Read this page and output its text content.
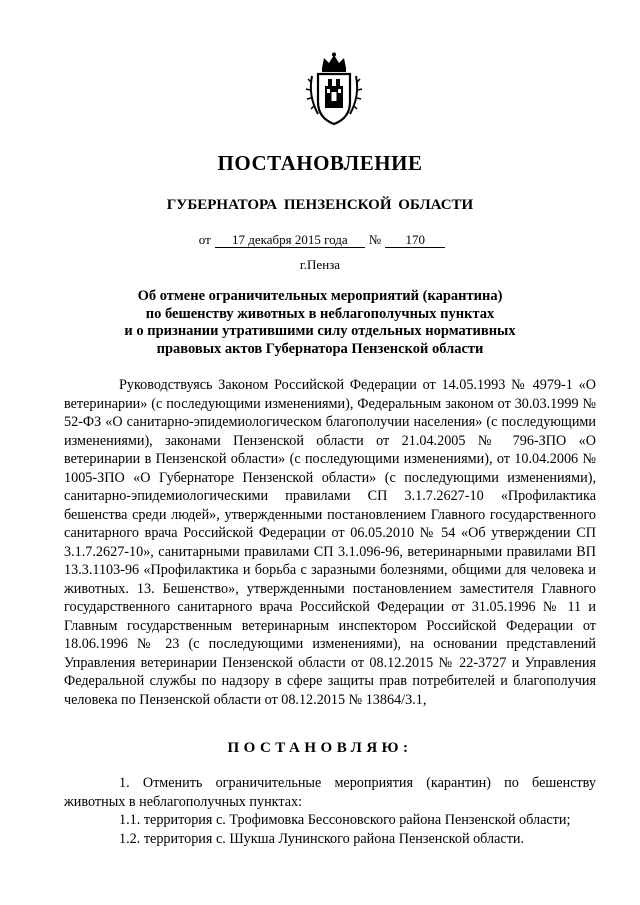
ПОСТАНОВЛЕНИЕ
ГУБЕРНАТОРА ПЕНЗЕНСКОЙ ОБЛАСТИ
от 17 декабря 2015 года № 170
г.Пенза
Об отмене ограничительных мероприятий (карантина)
по бешенству животных в неблагополучных пунктах
и о признании утратившими силу отдельных нормативных
правовых актов Губернатора Пензенской области

Руководствуясь Законом Российской Федерации от 14.05.1993 № 4979-1 «О ветеринарии» (с последующими изменениями), Федеральным законом от 30.03.1999 № 52-ФЗ «О санитарно-эпидемиологическом благополучии населения» (с последующими изменениями), законами Пензенской области от 21.04.2005 № 796-ЗПО «О ветеринарии в Пензенской области» (с последующими изменениями), от 10.04.2006 № 1005-ЗПО «О Губернаторе Пензенской области» (с последующими изменениями), санитарно-эпидемиологическими правилами СП 3.1.7.2627-10 «Профилактика бешенства среди людей», утвержденными постановлением Главного государственного санитарного врача Российской Федерации от 06.05.2010 № 54 «Об утверждении СП 3.1.7.2627-10», санитарными правилами СП 3.1.096-96, ветеринарными правилами ВП 13.3.1103-96 «Профилактика и борьба с заразными болезнями, общими для человека и животных. 13. Бешенство», утвержденными постановлением заместителя Главного государственного санитарного врача Российской Федерации от 31.05.1996 № 11 и Главным государственным ветеринарным инспектором Российской Федерации от 18.06.1996 № 23 (с последующими изменениями), на основании представлений Управления ветеринарии Пензенской области от 08.12.2015 № 22-3727 и Управления Федеральной службы по надзору в сфере защиты прав потребителей и благополучия человека по Пензенской области от 08.12.2015 № 13864/3.1,

ПОСТАНОВЛЯЮ:
1. Отменить ограничительные мероприятия (карантин) по бешенству животных в неблагополучных пунктах:
1.1. территория с. Трофимовка Бессоновского района Пензенской области;
1.2. территория с. Шукша Лунинского района Пензенской области.
